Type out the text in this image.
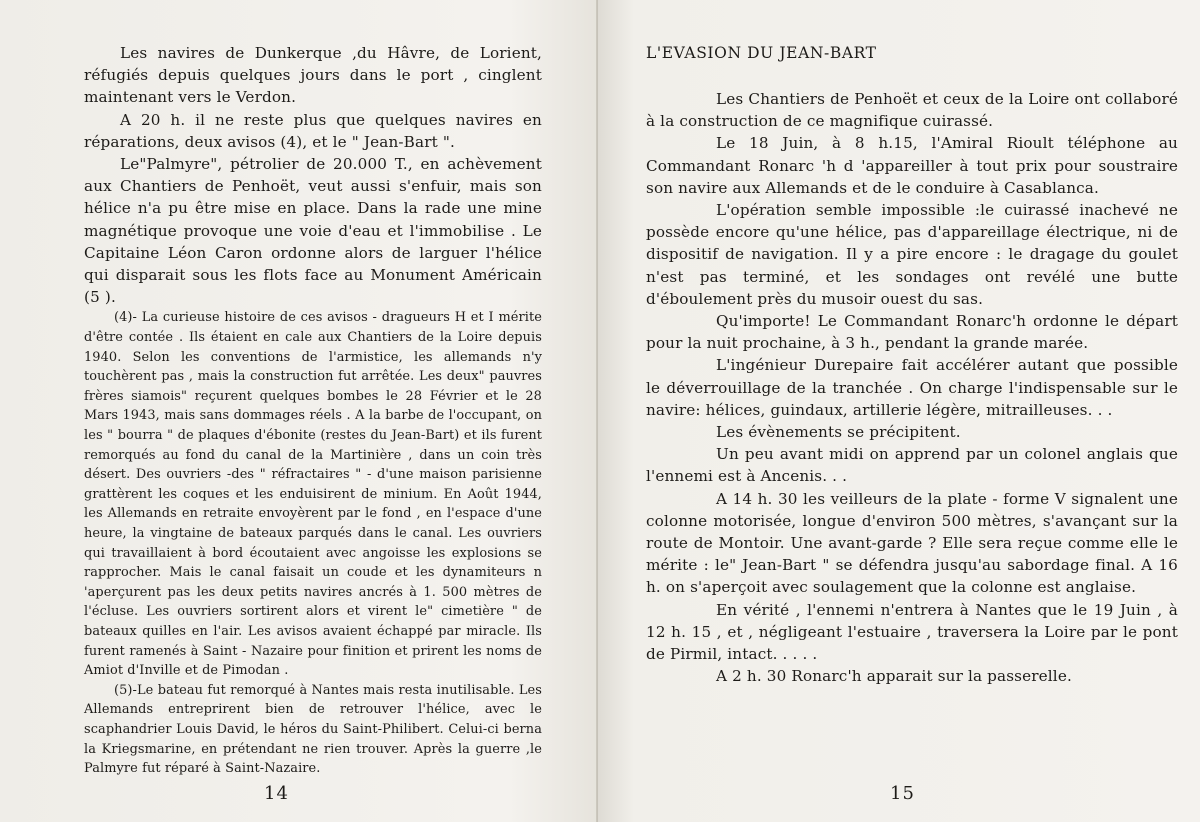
Les navires de Dunkerque ,du Hâvre, de Lorient, réfugiés depuis quelques jours dans le port , cinglent maintenant vers le Verdon.

A 20 h. il ne reste plus que quelques navires en réparations, deux avisos (4), et le " Jean-Bart ".

Le"Palmyre", pétrolier de 20.000 T., en achèvement aux Chantiers de Penhoët, veut aussi s'enfuir, mais son hélice n'a pu être mise en place. Dans la rade une mine magnétique provoque une voie d'eau et l'immobilise . Le Capitaine Léon Caron ordonne alors de larguer l'hélice qui disparait sous les flots face au Monument Américain (5 ).

(4)- La curieuse histoire de ces avisos - dragueurs H et I mérite d'être contée . Ils étaient en cale aux Chantiers de la Loire depuis 1940. Selon les conventions de l'armistice, les allemands n'y touchèrent pas , mais la construction fut arrêtée. Les deux" pauvres frères siamois" reçurent quelques bombes le 28 Février et le 28 Mars 1943, mais sans dommages réels . A la barbe de l'occupant, on les " bourra " de plaques d'ébonite (restes du Jean-Bart) et ils furent remorqués au fond du canal de la Martinière , dans un coin très désert. Des ouvriers -des " réfractaires " - d'une maison parisienne grattèrent les coques et les enduisirent de minium. En Août 1944, les Allemands en retraite envoyèrent par le fond , en l'espace d'une heure, la vingtaine de bateaux parqués dans le canal. Les ouvriers qui travaillaient à bord écoutaient avec angoisse les explosions se rapprocher. Mais le canal faisait un coude et les dynamiteurs n 'aperçurent pas les deux petits navires ancrés à 1. 500 mètres de l'écluse. Les ouvriers sortirent alors et virent le" cimetière " de bateaux quilles en l'air. Les avisos avaient échappé par miracle. Ils furent ramenés à Saint - Nazaire pour finition et prirent les noms de Amiot d'Inville et de Pimodan .

(5)-Le bateau fut remorqué à Nantes mais resta inutilisable. Les Allemands entreprirent bien de retrouver l'hélice, avec le scaphandrier Louis David, le héros du Saint-Philibert. Celui-ci berna la Kriegsmarine, en prétendant ne rien trouver. Après la guerre ,le Palmyre fut réparé à Saint-Nazaire.

14
L'EVASION DU JEAN-BART

Les Chantiers de Penhoët et ceux de la Loire ont collaboré à la construction de ce magnifique cuirassé.

Le 18 Juin, à 8 h.15, l'Amiral Rioult téléphone au Commandant Ronarc 'h d 'appareiller à tout prix pour soustraire son navire aux Allemands et de le conduire à Casablanca.

L'opération semble impossible :le cuirassé inachevé ne possède encore qu'une hélice, pas d'appareillage électrique, ni de dispositif de navigation. Il y a pire encore : le dragage du goulet n'est pas terminé, et les sondages ont revélé une butte d'éboulement près du musoir ouest du sas.

Qu'importe! Le Commandant Ronarc'h ordonne le départ pour la nuit prochaine, à 3 h., pendant la grande marée.

L'ingénieur Durepaire fait accélérer autant que possible le déverrouillage de la tranchée . On charge l'indispensable sur le navire: hélices, guindaux, artillerie légère, mitrailleuses. . .

Les évènements se précipitent.

Un peu avant midi on apprend par un colonel anglais que l'ennemi est à Ancenis. . .

A 14 h. 30 les veilleurs de la plate - forme V signalent une colonne motorisée, longue d'environ 500 mètres, s'avançant sur la route de Montoir. Une avant-garde ? Elle sera reçue comme elle le mérite : le" Jean-Bart " se défendra jusqu'au sabordage final. A 16 h. on s'aperçoit avec soulagement que la colonne est anglaise.

En vérité , l'ennemi n'entrera à Nantes que le 19 Juin , à 12 h. 15 , et , négligeant l'estuaire , traversera la Loire par le pont de Pirmil, intact. . . . .

A 2 h. 30 Ronarc'h apparait sur la passerelle.

15
